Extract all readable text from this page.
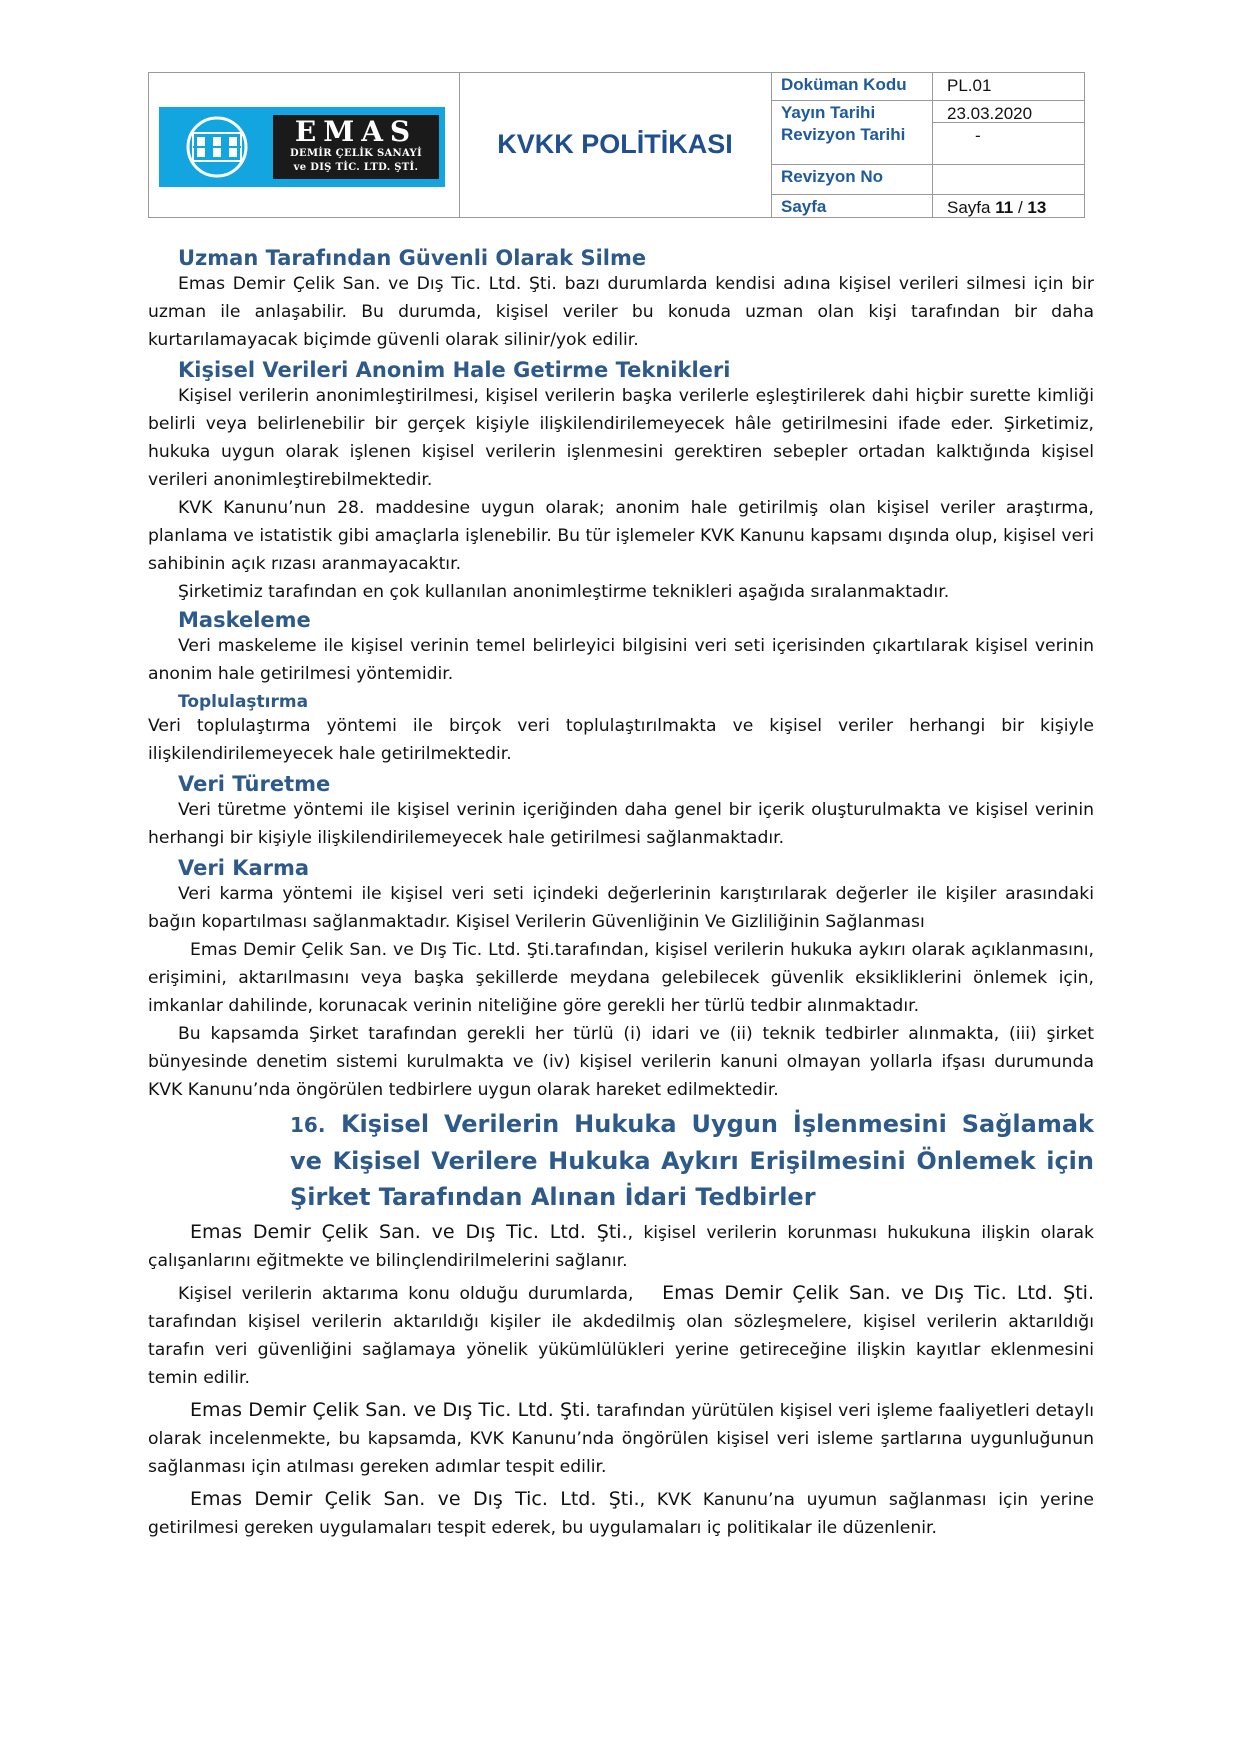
EMAS
DEMİR ÇELİK SANAYİ
ve DIŞ TİC. LTD. ŞTİ.
KVKK POLİTİKASI
Doküman Kodu	PL.01
Yayın Tarihi	23.03.2020
Revizyon Tarihi	-
Revizyon No
Sayfa	Sayfa 11 / 13
Uzman Tarafından Güvenli Olarak Silme

Emas Demir Çelik San. ve Dış Tic. Ltd. Şti. bazı durumlarda kendisi adına kişisel verileri silmesi için bir uzman ile anlaşabilir. Bu durumda, kişisel veriler bu konuda uzman olan kişi tarafından bir daha kurtarılamayacak biçimde güvenli olarak silinir/yok edilir.

Kişisel Verileri Anonim Hale Getirme Teknikleri

Kişisel verilerin anonimleştirilmesi, kişisel verilerin başka verilerle eşleştirilerek dahi hiçbir surette kimliği belirli veya belirlenebilir bir gerçek kişiyle ilişkilendirilemeyecek hâle getirilmesini ifade eder. Şirketimiz, hukuka uygun olarak işlenen kişisel verilerin işlenmesini gerektiren sebepler ortadan kalktığında kişisel verileri anonimleştirebilmektedir.

KVK Kanunu’nun 28. maddesine uygun olarak; anonim hale getirilmiş olan kişisel veriler araştırma, planlama ve istatistik gibi amaçlarla işlenebilir. Bu tür işlemeler KVK Kanunu kapsamı dışında olup, kişisel veri sahibinin açık rızası aranmayacaktır.

Şirketimiz tarafından en çok kullanılan anonimleştirme teknikleri aşağıda sıralanmaktadır.

Maskeleme

Veri maskeleme ile kişisel verinin temel belirleyici bilgisini veri seti içerisinden çıkartılarak kişisel verinin anonim hale getirilmesi yöntemidir.

Toplulaştırma

Veri toplulaştırma yöntemi ile birçok veri toplulaştırılmakta ve kişisel veriler herhangi bir kişiyle ilişkilendirilemeyecek hale getirilmektedir.

Veri Türetme

Veri türetme yöntemi ile kişisel verinin içeriğinden daha genel bir içerik oluşturulmakta ve kişisel verinin herhangi bir kişiyle ilişkilendirilemeyecek hale getirilmesi sağlanmaktadır.

Veri Karma

Veri karma yöntemi ile kişisel veri seti içindeki değerlerinin karıştırılarak değerler ile kişiler arasındaki bağın kopartılması sağlanmaktadır. Kişisel Verilerin Güvenliğinin Ve Gizliliğinin Sağlanması

Emas Demir Çelik San. ve Dış Tic. Ltd. Şti.tarafından, kişisel verilerin hukuka aykırı olarak açıklanmasını, erişimini, aktarılmasını veya başka şekillerde meydana gelebilecek güvenlik eksikliklerini önlemek için, imkanlar dahilinde, korunacak verinin niteliğine göre gerekli her türlü tedbir alınmaktadır.

Bu kapsamda Şirket tarafından gerekli her türlü (i) idari ve (ii) teknik tedbirler alınmakta, (iii) şirket bünyesinde denetim sistemi kurulmakta ve (iv) kişisel verilerin kanuni olmayan yollarla ifşası durumunda KVK Kanunu’nda öngörülen tedbirlere uygun olarak hareket edilmektedir.

16. Kişisel Verilerin Hukuka Uygun İşlenmesini Sağlamak ve Kişisel Verilere Hukuka Aykırı Erişilmesini Önlemek için Şirket Tarafından Alınan İdari Tedbirler

Emas Demir Çelik San. ve Dış Tic. Ltd. Şti., kişisel verilerin korunması hukukuna ilişkin olarak çalışanlarını eğitmekte ve bilinçlendirilmelerini sağlanır.

Kişisel verilerin aktarıma konu olduğu durumlarda, Emas Demir Çelik San. ve Dış Tic. Ltd. Şti. tarafından kişisel verilerin aktarıldığı kişiler ile akdedilmiş olan sözleşmelere, kişisel verilerin aktarıldığı tarafın veri güvenliğini sağlamaya yönelik yükümlülükleri yerine getireceğine ilişkin kayıtlar eklenmesini temin edilir.

Emas Demir Çelik San. ve Dış Tic. Ltd. Şti. tarafından yürütülen kişisel veri işleme faaliyetleri detaylı olarak incelenmekte, bu kapsamda, KVK Kanunu’nda öngörülen kişisel veri isleme şartlarına uygunluğunun sağlanması için atılması gereken adımlar tespit edilir.

Emas Demir Çelik San. ve Dış Tic. Ltd. Şti., KVK Kanunu’na uyumun sağlanması için yerine getirilmesi gereken uygulamaları tespit ederek, bu uygulamaları iç politikalar ile düzenlenir.
